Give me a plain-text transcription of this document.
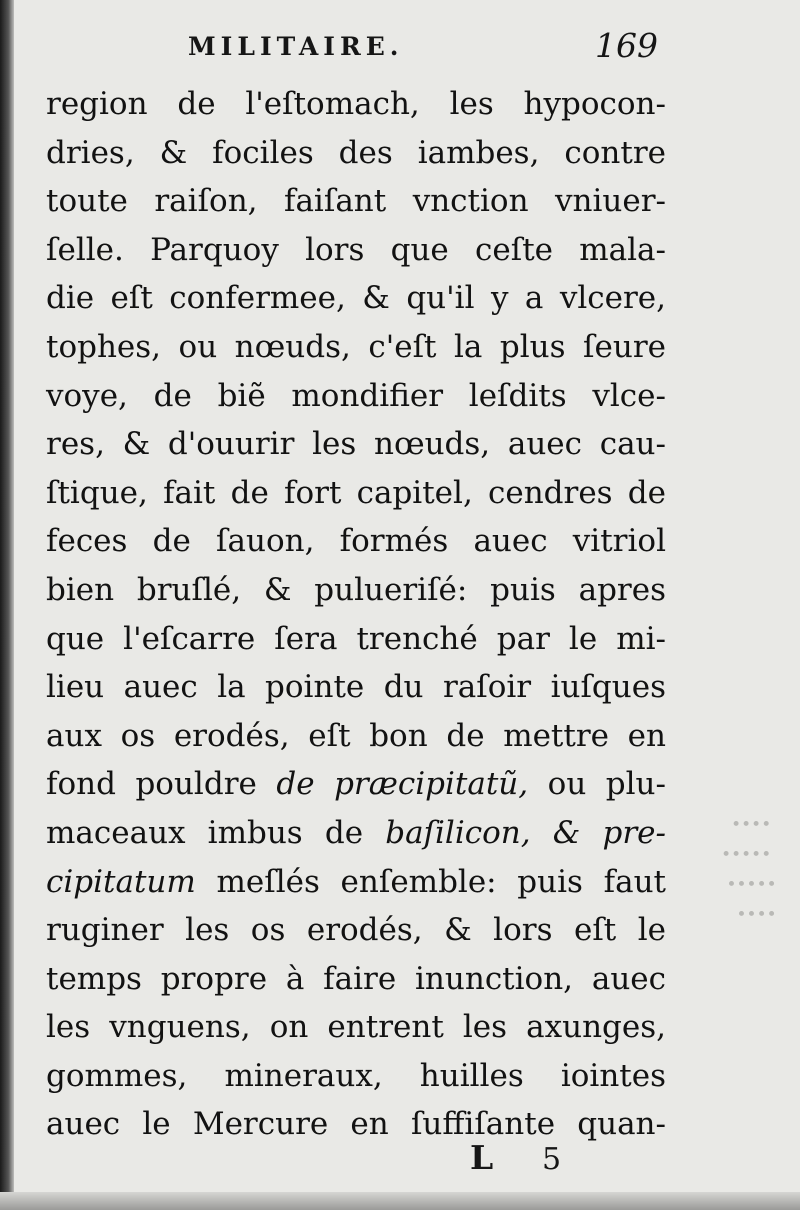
••••
•••••
•••••
••••
MILITAIRE.	169
region de l'eſtomach, les hypocon-
dries, & fociles des iambes, contre
toute raiſon, faiſant vnction vniuer-
ſelle. Parquoy lors que ceſte mala-
die eſt confermee, & qu'il y a vlcere,
tophes, ou nœuds, c'eſt la plus ſeure
voye, de biẽ mondifier leſdits vlce-
res, & d'ouurir les nœuds, auec cau-
ſtique, fait de fort capitel, cendres de
feces de ſauon, formés auec vitriol
bien bruſlé, & pulueriſé: puis apres
que l'eſcarre ſera trenché par le mi-
lieu auec la pointe du raſoir iuſques
aux os erodés, eſt bon de mettre en
fond pouldre de præcipitatũ, ou plu-
maceaux imbus de baſilicon, & pre-
cipitatum meſlés enſemble: puis faut
ruginer les os erodés, & lors eſt le
temps propre à faire inunction, auec
les vnguens, on entrent les axunges,
gommes, mineraux, huilles iointes
auec le Mercure en ſuffiſante quan-
L 5
